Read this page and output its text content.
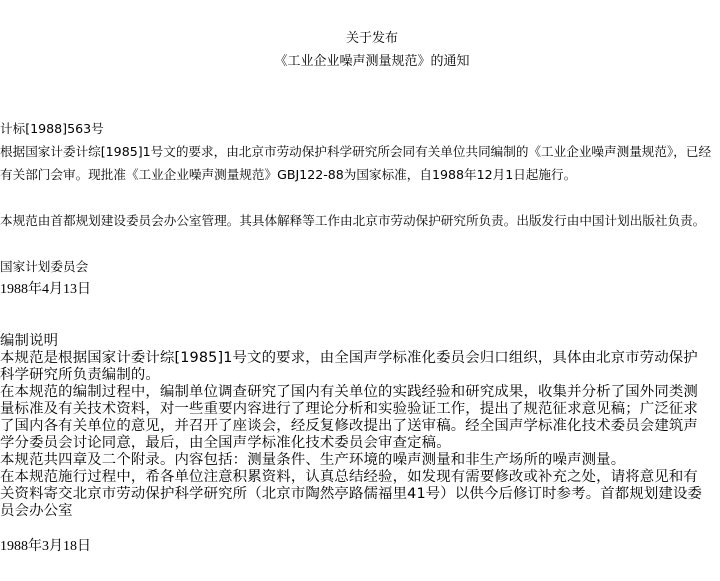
关于发布
《工业企业噪声测量规范》的通知
计标[1988]563号

根据国家计委计综[1985]1号文的要求，由北京市劳动保护科学研究所会同有关单位共同编制的《工业企业噪声测量规范》，已经有关部门会审。现批准《工业企业噪声测量规范》GBJ122-88为国家标准，自1988年12月1日起施行。

本规范由首都规划建设委员会办公室管理。其具体解释等工作由北京市劳动保护研究所负责。出版发行由中国计划出版社负责。

国家计划委员会
1988年4月13日

编制说明

本规范是根据国家计委计综[1985]1号文的要求，由全国声学标准化委员会归口组织，具体由北京市劳动保护科学研究所负责编制的。

在本规范的编制过程中，编制单位调查研究了国内有关单位的实践经验和研究成果，收集并分析了国外同类测量标准及有关技术资料，对一些重要内容进行了理论分析和实验验证工作，提出了规范征求意见稿；广泛征求了国内各有关单位的意见，并召开了座谈会，经反复修改提出了送审稿。经全国声学标准化技术委员会建筑声学分委员会讨论同意，最后，由全国声学标准化技术委员会审查定稿。

本规范共四章及二个附录。内容包括：测量条件、生产环境的噪声测量和非生产场所的噪声测量。

在本规范施行过程中，希各单位注意积累资料，认真总结经验，如发现有需要修改或补充之处，请将意见和有关资料寄交北京市劳动保护科学研究所（北京市陶然亭路儒福里41号）以供今后修订时参考。首都规划建设委员会办公室

1988年3月18日
